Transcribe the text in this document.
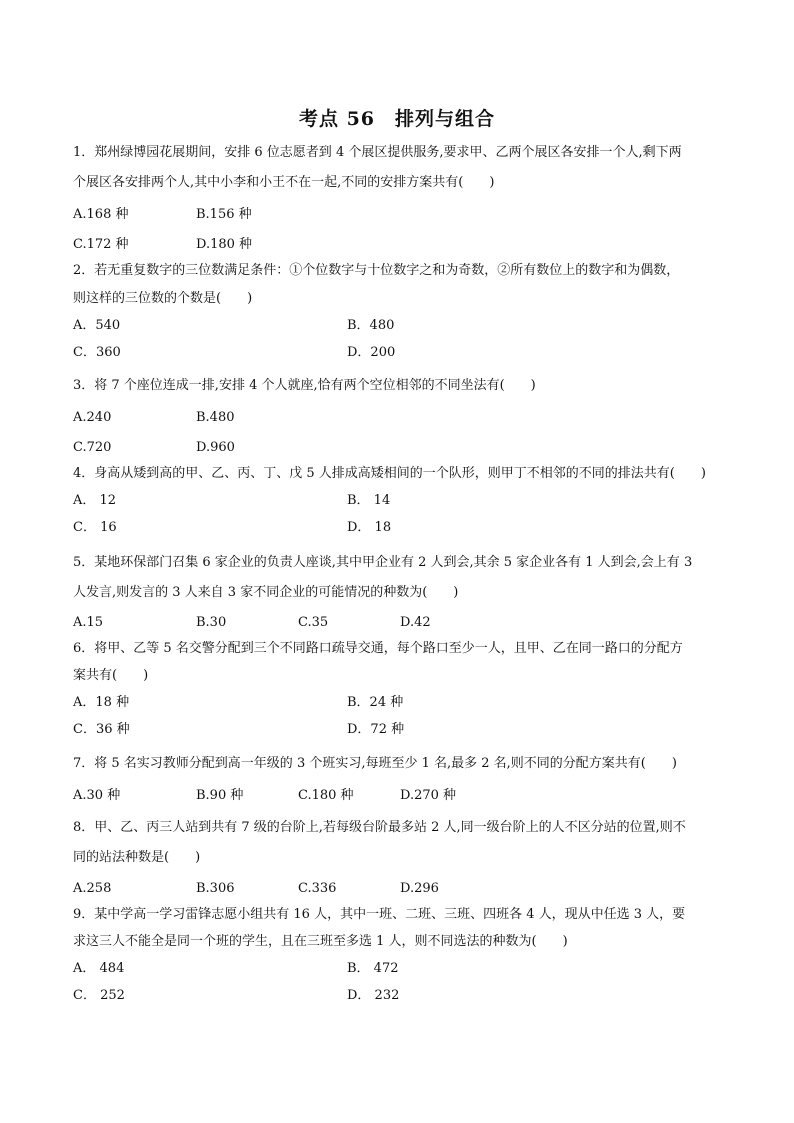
考点 56　排列与组合
1．郑州绿博园花展期间，安排 6 位志愿者到 4 个展区提供服务,要求甲、乙两个展区各安排一个人,剩下两
个展区各安排两个人,其中小李和小王不在一起,不同的安排方案共有(　　)
A.168 种	B.156 种
C.172 种	D.180 种
2．若无重复数字的三位数满足条件：①个位数字与十位数字之和为奇数，②所有数位上的数字和为偶数，
则这样的三位数的个数是(　　)
A．540	B．480
C．360	D．200
3．将 7 个座位连成一排,安排 4 个人就座,恰有两个空位相邻的不同坐法有(　　)
A.240	B.480
C.720	D.960
4．身高从矮到高的甲、乙、丙、丁、戊 5 人排成高矮相间的一个队形，则甲丁不相邻的不同的排法共有(　　)
A． 12	B． 14
C． 16	D． 18
5．某地环保部门召集 6 家企业的负责人座谈,其中甲企业有 2 人到会,其余 5 家企业各有 1 人到会,会上有 3
人发言,则发言的 3 人来自 3 家不同企业的可能情况的种数为(　　)
A.15	B.30	C.35	D.42
6．将甲、乙等 5 名交警分配到三个不同路口疏导交通，每个路口至少一人，且甲、乙在同一路口的分配方
案共有(　　)
A．18 种	B．24 种
C．36 种	D．72 种
7．将 5 名实习教师分配到高一年级的 3 个班实习,每班至少 1 名,最多 2 名,则不同的分配方案共有(　　)
A.30 种	B.90 种	C.180 种	D.270 种
8．甲、乙、丙三人站到共有 7 级的台阶上,若每级台阶最多站 2 人,同一级台阶上的人不区分站的位置,则不
同的站法种数是(　　)
A.258	B.306	C.336	D.296
9．某中学高一学习雷锋志愿小组共有 16 人，其中一班、二班、三班、四班各 4 人，现从中任选 3 人，要
求这三人不能全是同一个班的学生，且在三班至多选 1 人，则不同选法的种数为(　　)
A． 484	B． 472
C． 252	D． 232
